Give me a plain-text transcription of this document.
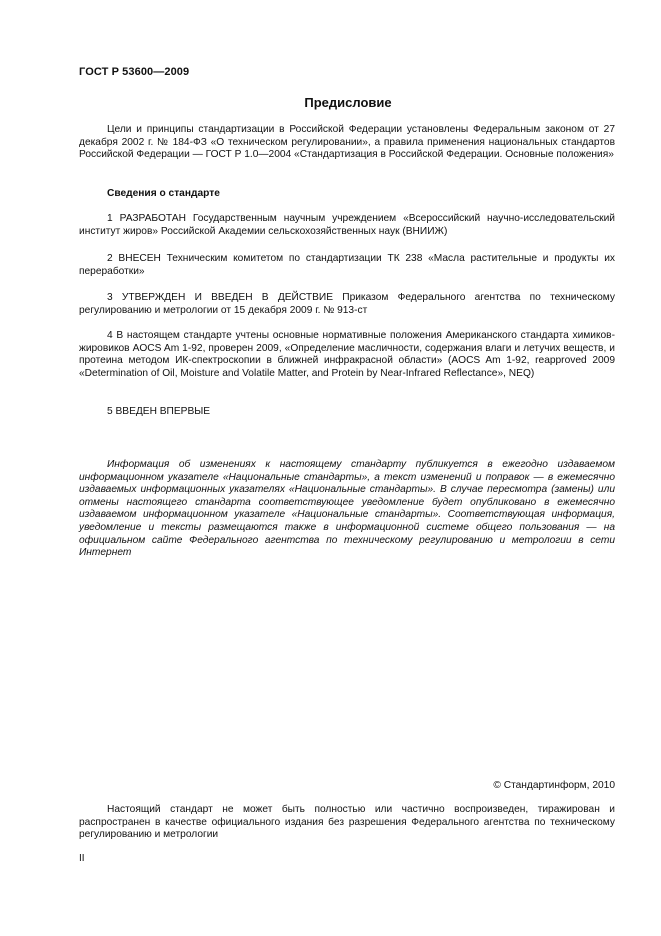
ГОСТ Р 53600—2009
Предисловие

Цели и принципы стандартизации в Российской Федерации установлены Федеральным законом от 27 декабря 2002 г. № 184-ФЗ «О техническом регулировании», а правила применения национальных стандартов Российской Федерации — ГОСТ Р 1.0—2004 «Стандартизация в Российской Федерации. Основные положения»

Сведения о стандарте

1 РАЗРАБОТАН Государственным научным учреждением «Всероссийский научно-исследовательский институт жиров» Российской Академии сельскохозяйственных наук (ВНИИЖ)

2 ВНЕСЕН Техническим комитетом по стандартизации ТК 238 «Масла растительные и продукты их переработки»

3 УТВЕРЖДЕН И ВВЕДЕН В ДЕЙСТВИЕ Приказом Федерального агентства по техническому регулированию и метрологии от 15 декабря 2009 г. № 913-ст

4 В настоящем стандарте учтены основные нормативные положения Американского стандарта химиков-жировиков AOCS Am 1-92, проверен 2009, «Определение масличности, содержания влаги и летучих веществ, и протеина методом ИК-спектроскопии в ближней инфракрасной области» (AOCS Am 1-92, reapproved 2009 «Determination of Oil, Moisture and Volatile Matter, and Protein by Near-Infrared Reflectance», NEQ)

5 ВВЕДЕН ВПЕРВЫЕ

Информация об изменениях к настоящему стандарту публикуется в ежегодно издаваемом информационном указателе «Национальные стандарты», а текст изменений и поправок — в ежемесячно издаваемых информационных указателях «Национальные стандарты». В случае пересмотра (замены) или отмены настоящего стандарта соответствующее уведомление будет опубликовано в ежемесячно издаваемом информационном указателе «Национальные стандарты». Соответствующая информация, уведомление и тексты размещаются также в информационной системе общего пользования — на официальном сайте Федерального агентства по техническому регулированию и метрологии в сети Интернет

© Стандартинформ, 2010

Настоящий стандарт не может быть полностью или частично воспроизведен, тиражирован и распространен в качестве официального издания без разрешения Федерального агентства по техническому регулированию и метрологии

II
